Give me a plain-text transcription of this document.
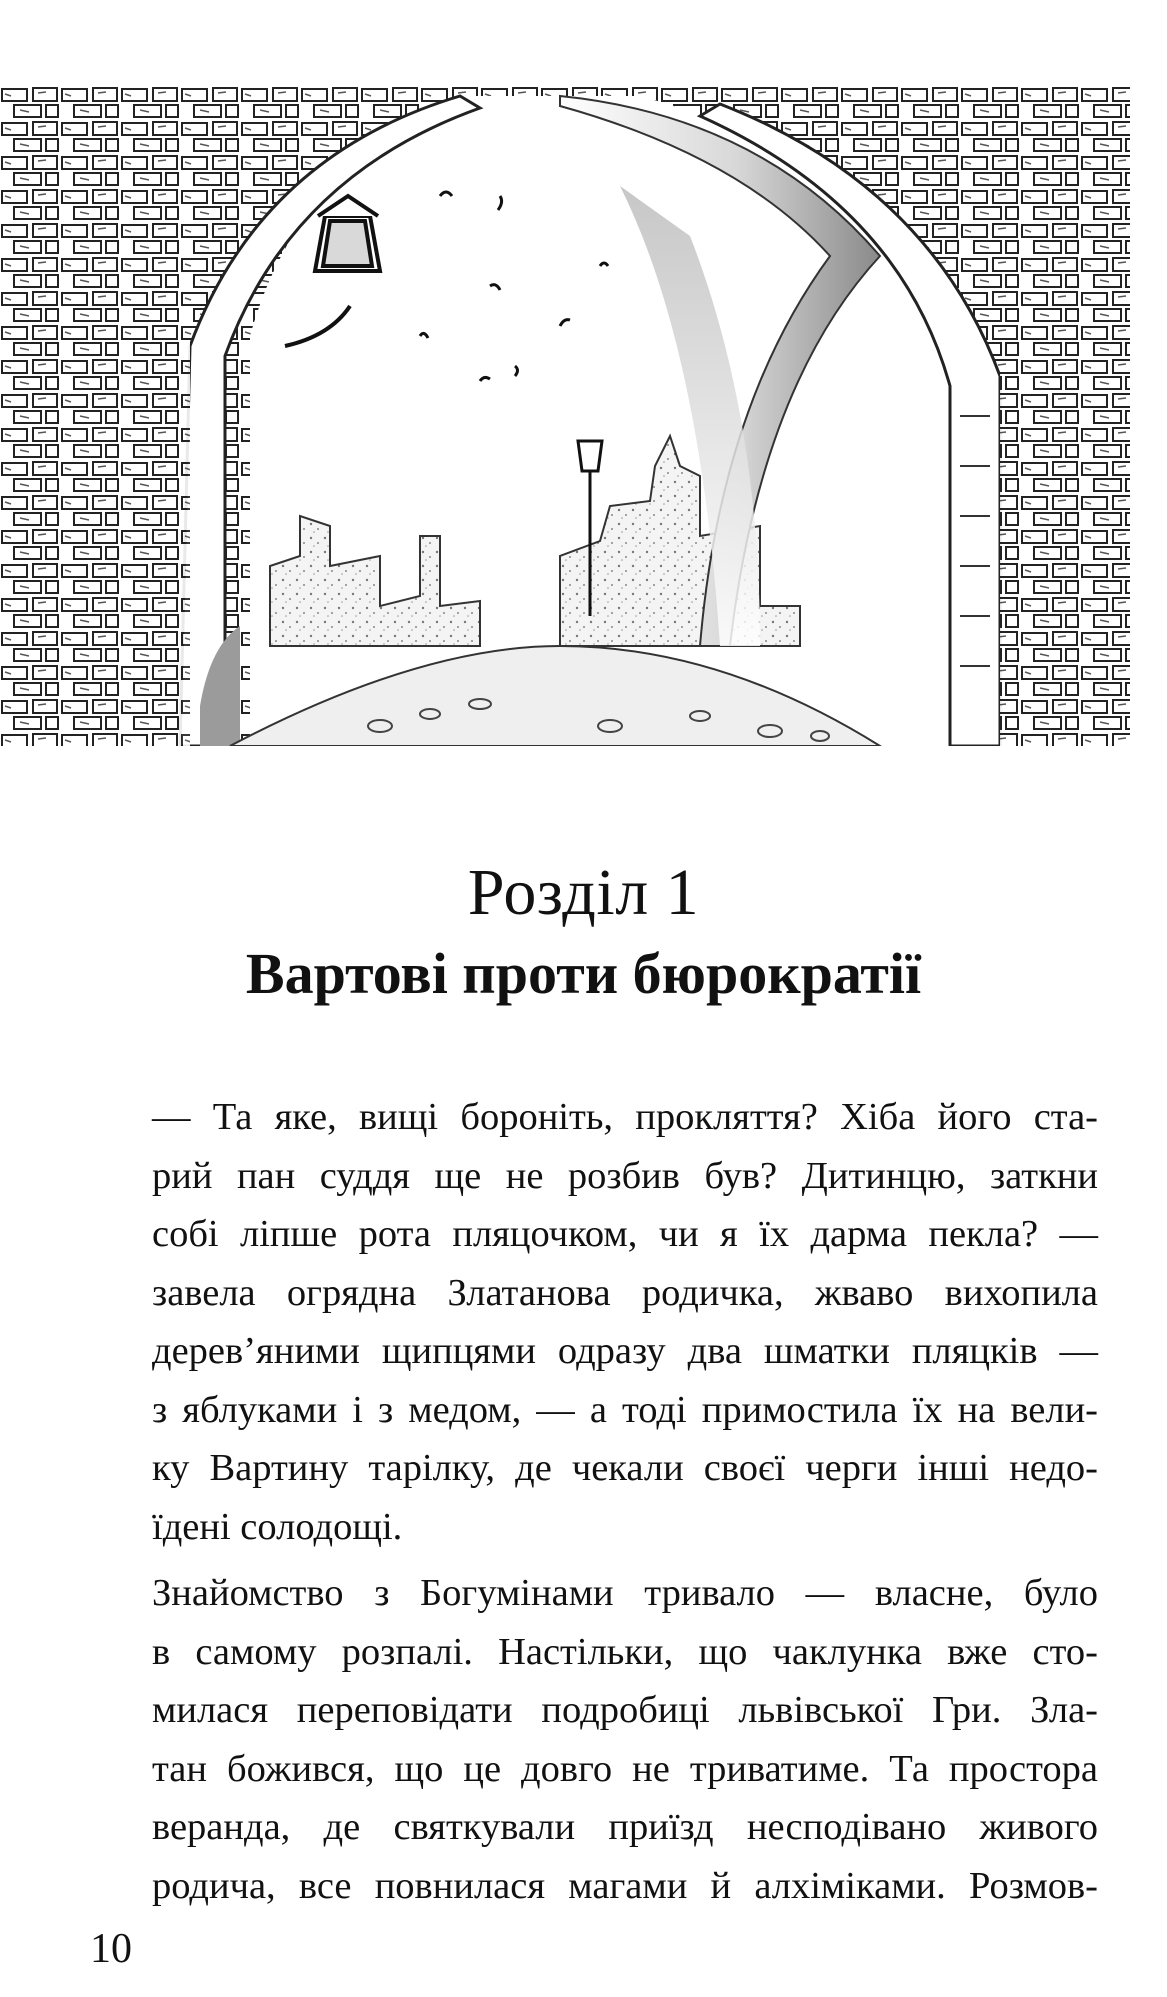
Розділ 1
Вартові проти бюрократії
— Та яке, вищі бороніть, прокляття? Хіба його ста-
рий пан суддя ще не розбив був? Дитинцю, заткни
собі ліпше рота пляцочком, чи я їх дарма пекла? —
завела огрядна Златанова родичка, жваво вихопила
дерев’яними щипцями одразу два шматки пляцків —
з яблуками і з медом, — а тоді примостила їх на вели-
ку Вартину тарілку, де чекали своєї черги інші недо-
їдені солодощі.
Знайомство з Богумінами тривало — власне, було
в самому розпалі. Настільки, що чаклунка вже сто-
милася переповідати подробиці львівської Гри. Зла-
тан божився, що це довго не триватиме. Та простора
веранда, де святкували приїзд несподівано живого
родича, все повнилася магами й алхіміками. Розмов-
10
